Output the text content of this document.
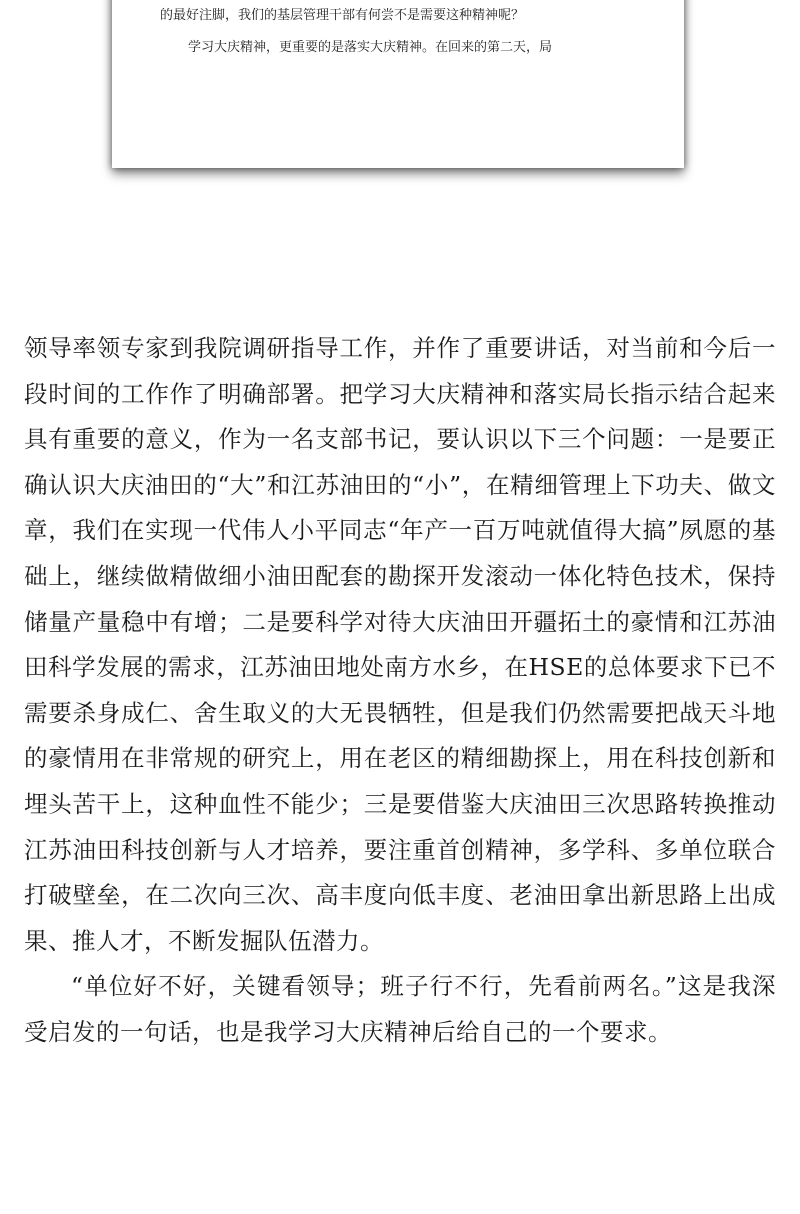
的最好注脚，我们的基层管理干部有何尝不是需要这种精神呢？
学习大庆精神，更重要的是落实大庆精神。在回来的第二天，局

领导率领专家到我院调研指导工作，并作了重要讲话，对当前和今后一段时间的工作作了明确部署。把学习大庆精神和落实局长指示结合起来具有重要的意义，作为一名支部书记，要认识以下三个问题：一是要正确认识大庆油田的“大”和江苏油田的“小”，在精细管理上下功夫、做文章，我们在实现一代伟人小平同志“年产一百万吨就值得大搞”夙愿的基础上，继续做精做细小油田配套的勘探开发滚动一体化特色技术，保持储量产量稳中有增；二是要科学对待大庆油田开疆拓土的豪情和江苏油田科学发展的需求，江苏油田地处南方水乡，在HSE的总体要求下已不需要杀身成仁、舍生取义的大无畏牺牲，但是我们仍然需要把战天斗地的豪情用在非常规的研究上，用在老区的精细勘探上，用在科技创新和埋头苦干上，这种血性不能少；三是要借鉴大庆油田三次思路转换推动江苏油田科技创新与人才培养，要注重首创精神，多学科、多单位联合打破壁垒，在二次向三次、高丰度向低丰度、老油田拿出新思路上出成果、推人才，不断发掘队伍潜力。

“单位好不好，关键看领导；班子行不行，先看前两名。”这是我深受启发的一句话，也是我学习大庆精神后给自己的一个要求。
